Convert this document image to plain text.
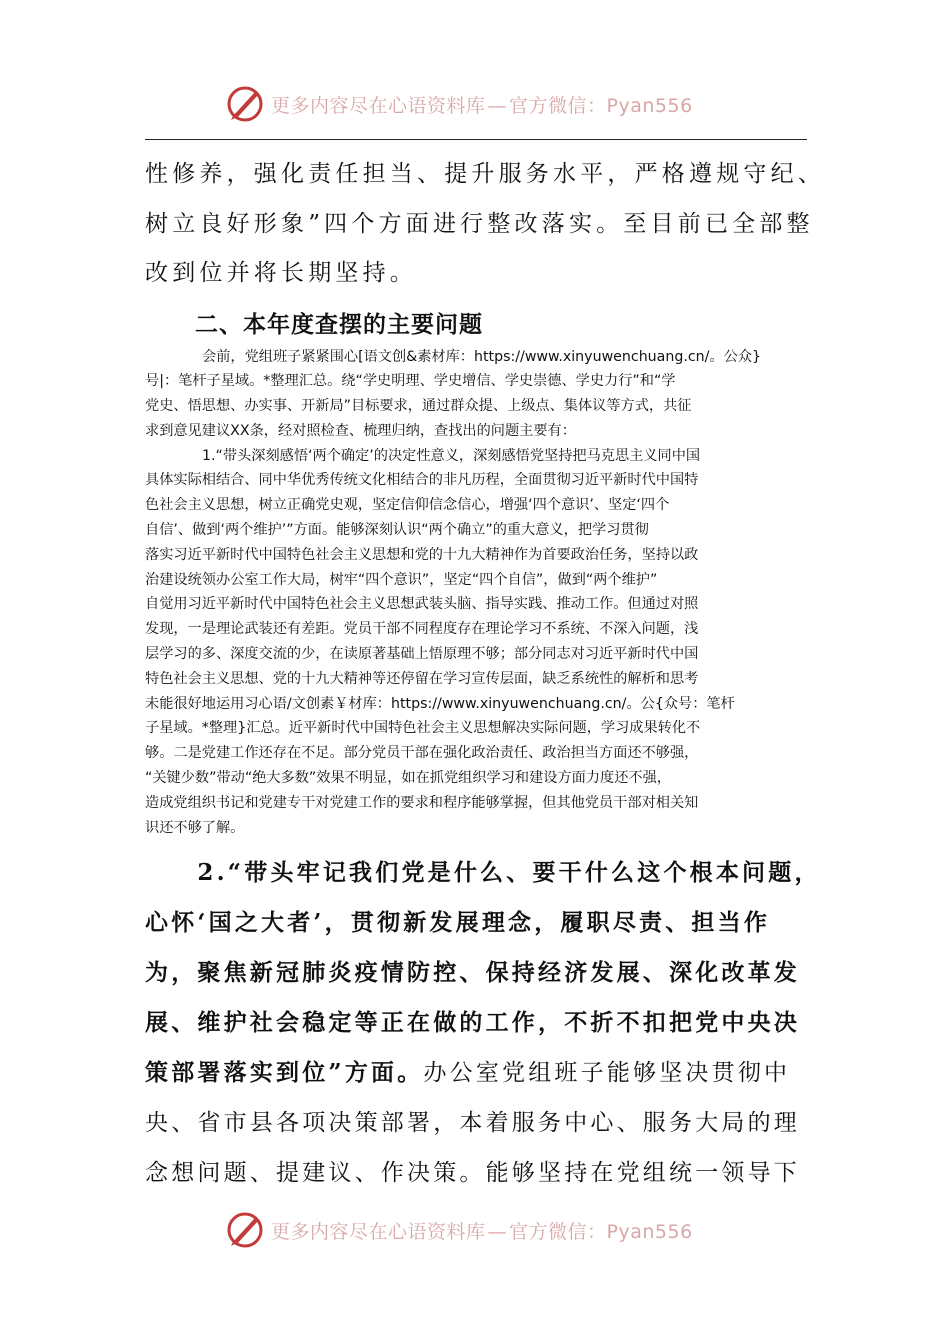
更多内容尽在心语资料库 — 官方微信：Pyan556

性修养，强化责任担当、提升服务水平，严格遵规守纪、
树立良好形象”四个方面进行整改落实。至目前已全部整
改到位并将长期坚持。

二、本年度查摆的主要问题

会前，党组班子紧紧围心[语文创&素材库：https://www.xinyuwenchuang.cn/。公众}
号|：笔杆子星域。*整理汇总。绕“学史明理、学史增信、学史崇德、学史力行”和“学
党史、悟思想、办实事、开新局”目标要求，通过群众提、上级点、集体议等方式，共征
求到意见建议XX条，经对照检查、梳理归纳，查找出的问题主要有：

1.“带头深刻感悟‘两个确定’的决定性意义，深刻感悟党坚持把马克思主义同中国
具体实际相结合、同中华优秀传统文化相结合的非凡历程，全面贯彻习近平新时代中国特
色社会主义思想，树立正确党史观，坚定信仰信念信心，增强‘四个意识’、坚定‘四个
自信’、做到‘两个维护’”方面。能够深刻认识“两个确立”的重大意义，把学习贯彻
落实习近平新时代中国特色社会主义思想和党的十九大精神作为首要政治任务，坚持以政
治建设统领办公室工作大局，树牢“四个意识”，坚定“四个自信”，做到“两个维护”
自觉用习近平新时代中国特色社会主义思想武装头脑、指导实践、推动工作。但通过对照
发现，一是理论武装还有差距。党员干部不同程度存在理论学习不系统、不深入问题，浅
层学习的多、深度交流的少，在读原著基础上悟原理不够；部分同志对习近平新时代中国
特色社会主义思想、党的十九大精神等还停留在学习宣传层面，缺乏系统性的解析和思考
未能很好地运用习心语/文创素￥材库：https://www.xinyuwenchuang.cn/。公{众号：笔杆
子星域。*整理}汇总。近平新时代中国特色社会主义思想解决实际问题，学习成果转化不
够。二是党建工作还存在不足。部分党员干部在强化政治责任、政治担当方面还不够强，
“关键少数”带动“绝大多数”效果不明显，如在抓党组织学习和建设方面力度还不强，
造成党组织书记和党建专干对党建工作的要求和程序能够掌握，但其他党员干部对相关知
识还不够了解。

　　2.“带头牢记我们党是什么、要干什么这个根本问题，
心怀‘国之大者’，贯彻新发展理念，履职尽责、担当作
为，聚焦新冠肺炎疫情防控、保持经济发展、深化改革发
展、维护社会稳定等正在做的工作，不折不扣把党中央决
策部署落实到位”方面。办公室党组班子能够坚决贯彻中
央、省市县各项决策部署，本着服务中心、服务大局的理
念想问题、提建议、作决策。能够坚持在党组统一领导下
更多内容尽在心语资料库 — 官方微信：Pyan556
